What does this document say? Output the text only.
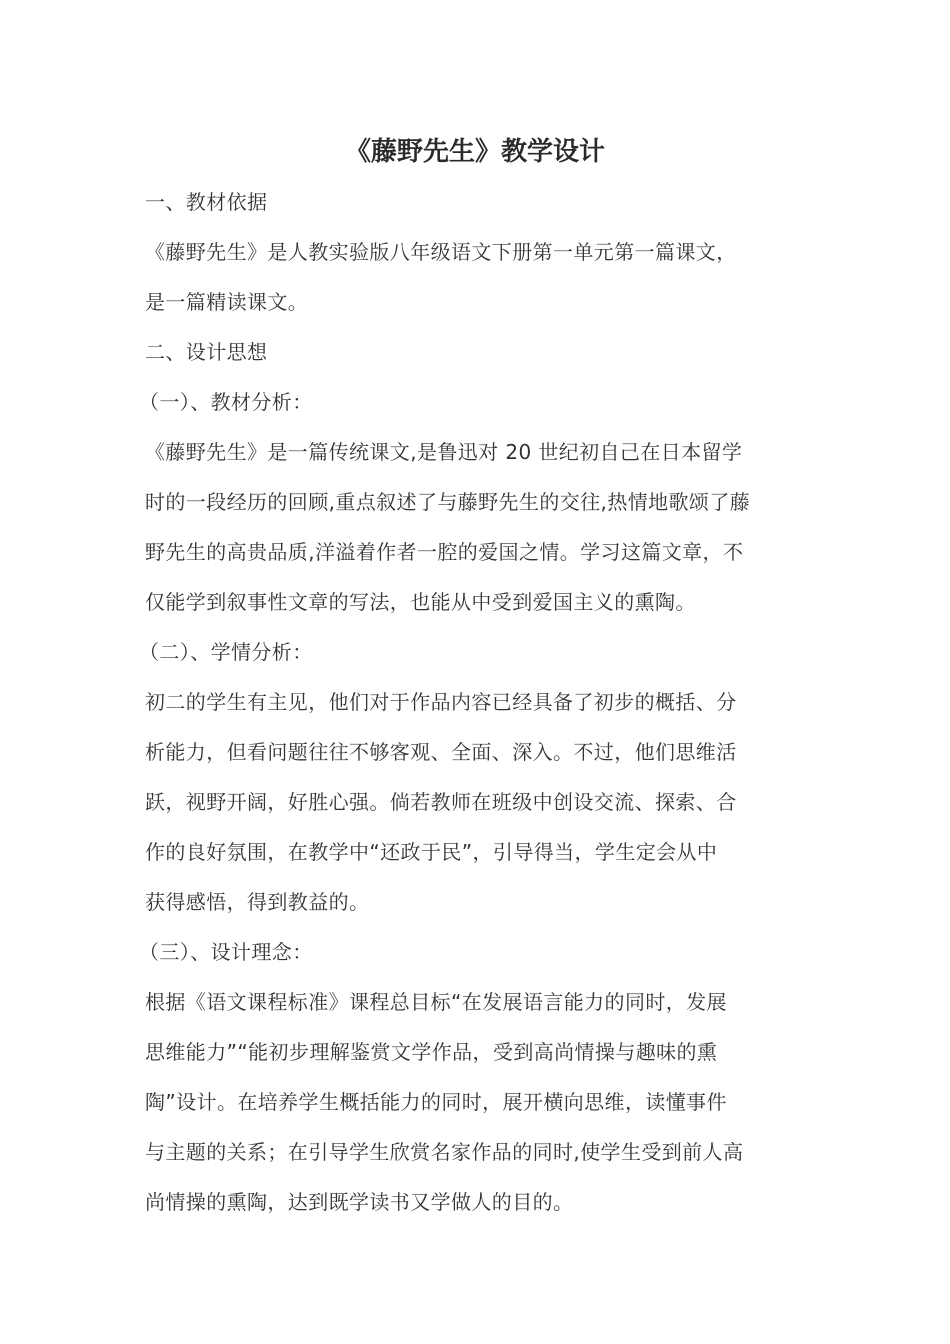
《藤野先生》教学设计
一、教材依据
《藤野先生》是人教实验版八年级语文下册第一单元第一篇课文，
是一篇精读课文。
二、设计思想
（一）、教材分析：
《藤野先生》是一篇传统课文,是鲁迅对 20 世纪初自己在日本留学
时的一段经历的回顾,重点叙述了与藤野先生的交往,热情地歌颂了藤
野先生的高贵品质,洋溢着作者一腔的爱国之情。学习这篇文章，不
仅能学到叙事性文章的写法，也能从中受到爱国主义的熏陶。
（二）、学情分析：
初二的学生有主见，他们对于作品内容已经具备了初步的概括、分
析能力，但看问题往往不够客观、全面、深入。不过，他们思维活
跃，视野开阔，好胜心强。倘若教师在班级中创设交流、探索、合
作的良好氛围，在教学中“还政于民”，引导得当，学生定会从中
获得感悟，得到教益的。
（三）、设计理念：
根据《语文课程标准》课程总目标“在发展语言能力的同时，发展
思维能力”“能初步理解鉴赏文学作品，受到高尚情操与趣味的熏
陶”设计。在培养学生概括能力的同时，展开横向思维，读懂事件
与主题的关系；在引导学生欣赏名家作品的同时,使学生受到前人高
尚情操的熏陶，达到既学读书又学做人的目的。
